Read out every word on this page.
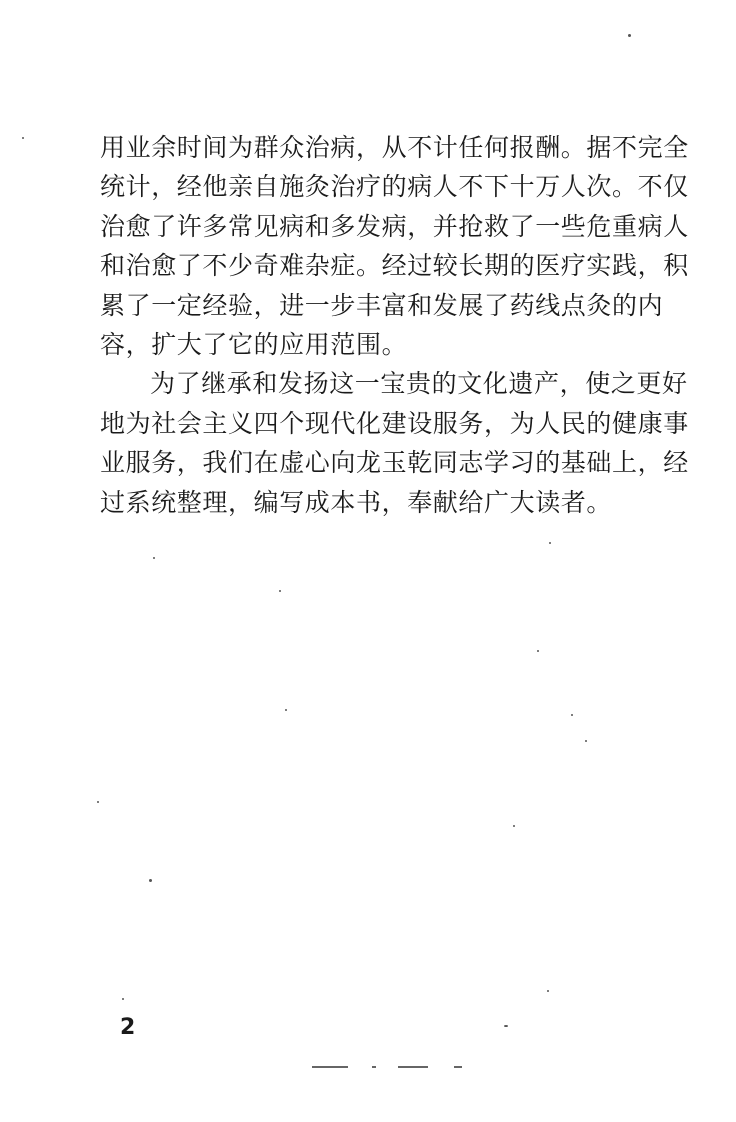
用业余时间为群众治病，从不计任何报酬。据不完全
统计，经他亲自施灸治疗的病人不下十万人次。不仅
治愈了许多常见病和多发病，并抢救了一些危重病人
和治愈了不少奇难杂症。经过较长期的医疗实践，积
累了一定经验，进一步丰富和发展了药线点灸的内
容，扩大了它的应用范围。
为了继承和发扬这一宝贵的文化遗产，使之更好
地为社会主义四个现代化建设服务，为人民的健康事
业服务，我们在虚心向龙玉乾同志学习的基础上，经
过系统整理，编写成本书，奉献给广大读者。
2
